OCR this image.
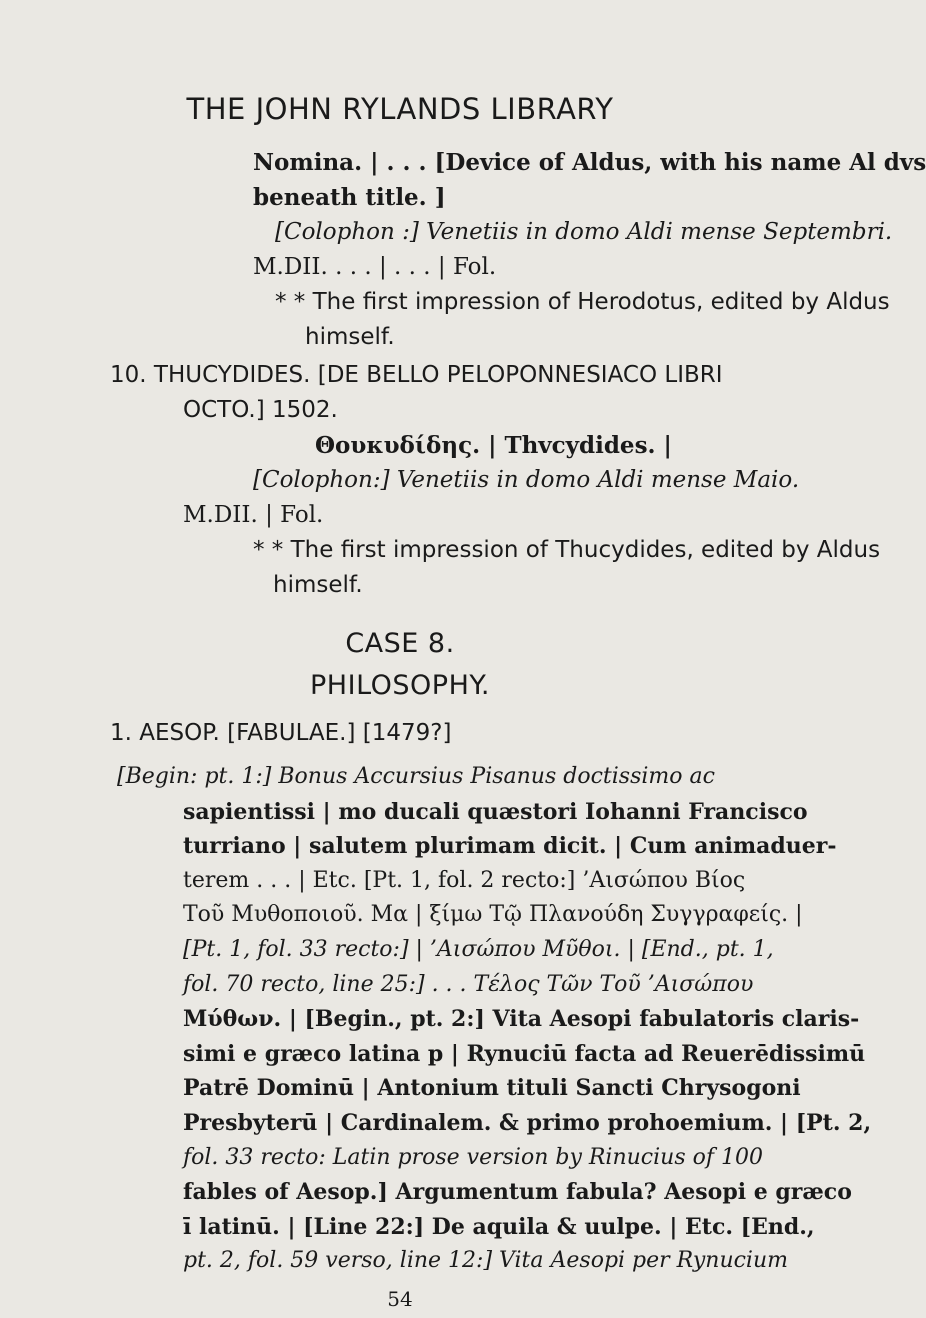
THE JOHN RYLANDS LIBRARY
Nomina. | . . . [Device of Aldus, with his name Al dvs
beneath title. ]
[Colophon :] Venetiis in domo Aldi mense Septembri.
M.DII. . . . | . . . | Fol.
* * The first impression of Herodotus, edited by Aldus
himself.
10. THUCYDIDES. [DE BELLO PELOPONNESIACO LIBRI
OCTO.] 1502.
Θουκυδίδης. | Thvcydides. |
[Colophon:] Venetiis in domo Aldi mense Maio.
M.DII. | Fol.
* * The first impression of Thucydides, edited by Aldus
himself.
CASE 8.
PHILOSOPHY.
1. AESOP. [FABULAE.] [1479?]
[Begin: pt. 1:] Bonus Accursius Pisanus doctissimo ac
sapientissi | mo ducali quæstori Iohanni Francisco
turriano | salutem plurimam dicit. | Cum animaduer-
terem . . . | Etc. [Pt. 1, fol. 2 recto:] ’Αισώπου Βίος
Τοῦ Μυθοποιοῦ. Μα | ξίμω Τῷ Πλανούδη Συγγραφείς. |
[Pt. 1, fol. 33 recto:] | ’Αισώπου Μῦθοι. | [End., pt. 1,
fol. 70 recto, line 25:] . . . Τέλος Τῶν Τοῦ ’Αισώπου
Μύθων. | [Begin., pt. 2:] Vita Aesopi fabulatoris claris-
simi e græco latina p | Rynuciū facta ad Reuerēdissimū
Patrē Dominū | Antonium tituli Sancti Chrysogoni
Presbyterū | Cardinalem. & primo prohoemium. | [Pt. 2,
fol. 33 recto: Latin prose version by Rinucius of 100
fables of Aesop.] Argumentum fabula? Aesopi e græco
ī latinū. | [Line 22:] De aquila & uulpe. | Etc. [End.,
pt. 2, fol. 59 verso, line 12:] Vita Aesopi per Rynucium
54
